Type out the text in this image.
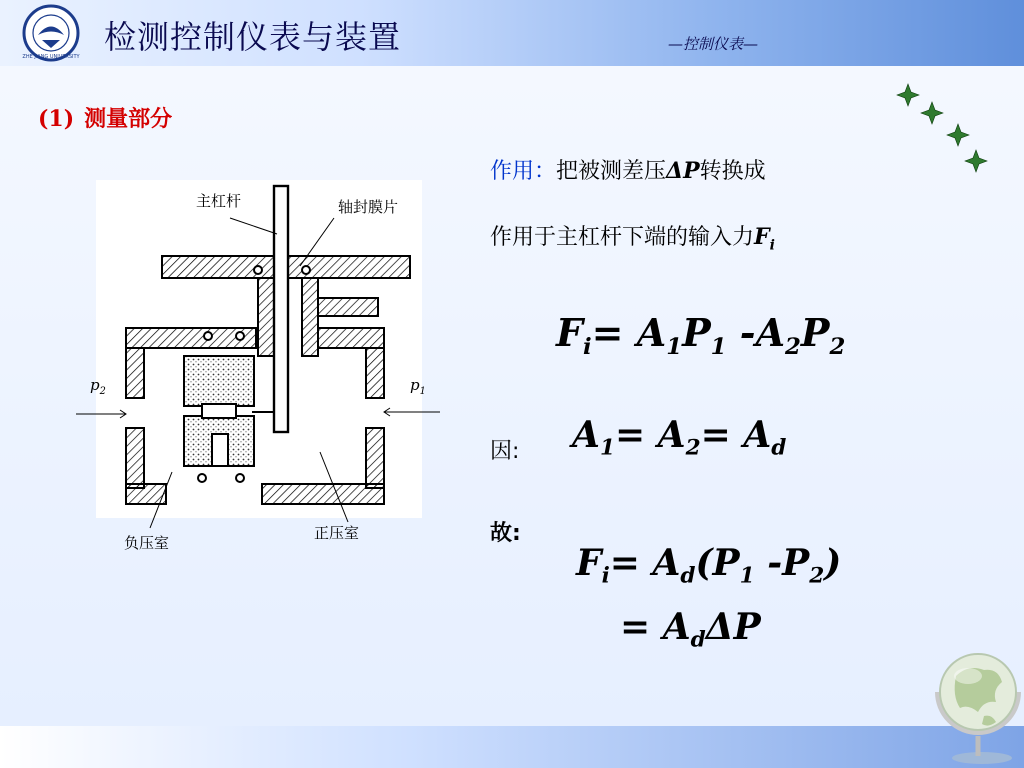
ZHE JIANG UNIVERSITY
检测控制仪表与装置	—控制仪表—
(1) 测量部分
主杠杆	轴封膜片
$p_2$	$p_1$
负压室
正压室
作用：把被测差压ΔP转换成
作用于主杠杆下端的输入力$F_i$
$F_i= A_1P_1$ $-A_2P_2$
因: $A_1= A_2= A_d$
故:
$F_i= A_d(P_1$ $-P_2$)
= $A_d\Delta P$
